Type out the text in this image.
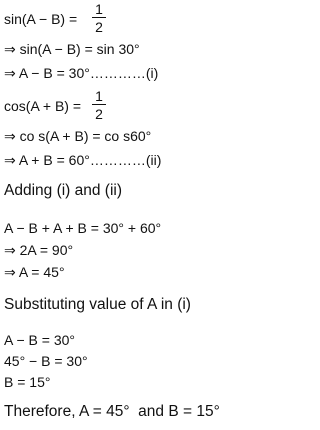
sin(A − B) =
1
2
⇒ sin(A − B) = sin 30°
⇒ A − B = 30°…………(i)
cos(A + B) =
1
2
⇒ co s(A + B) = co s60°
⇒ A + B = 60°…………(ii)
Adding (i) and (ii)
A − B + A + B = 30° + 60°
⇒ 2A = 90°
⇒ A = 45°
Substituting value of A in (i)
A − B = 30°
45° − B = 30°
B = 15°
Therefore, A = 45°  and B = 15°
